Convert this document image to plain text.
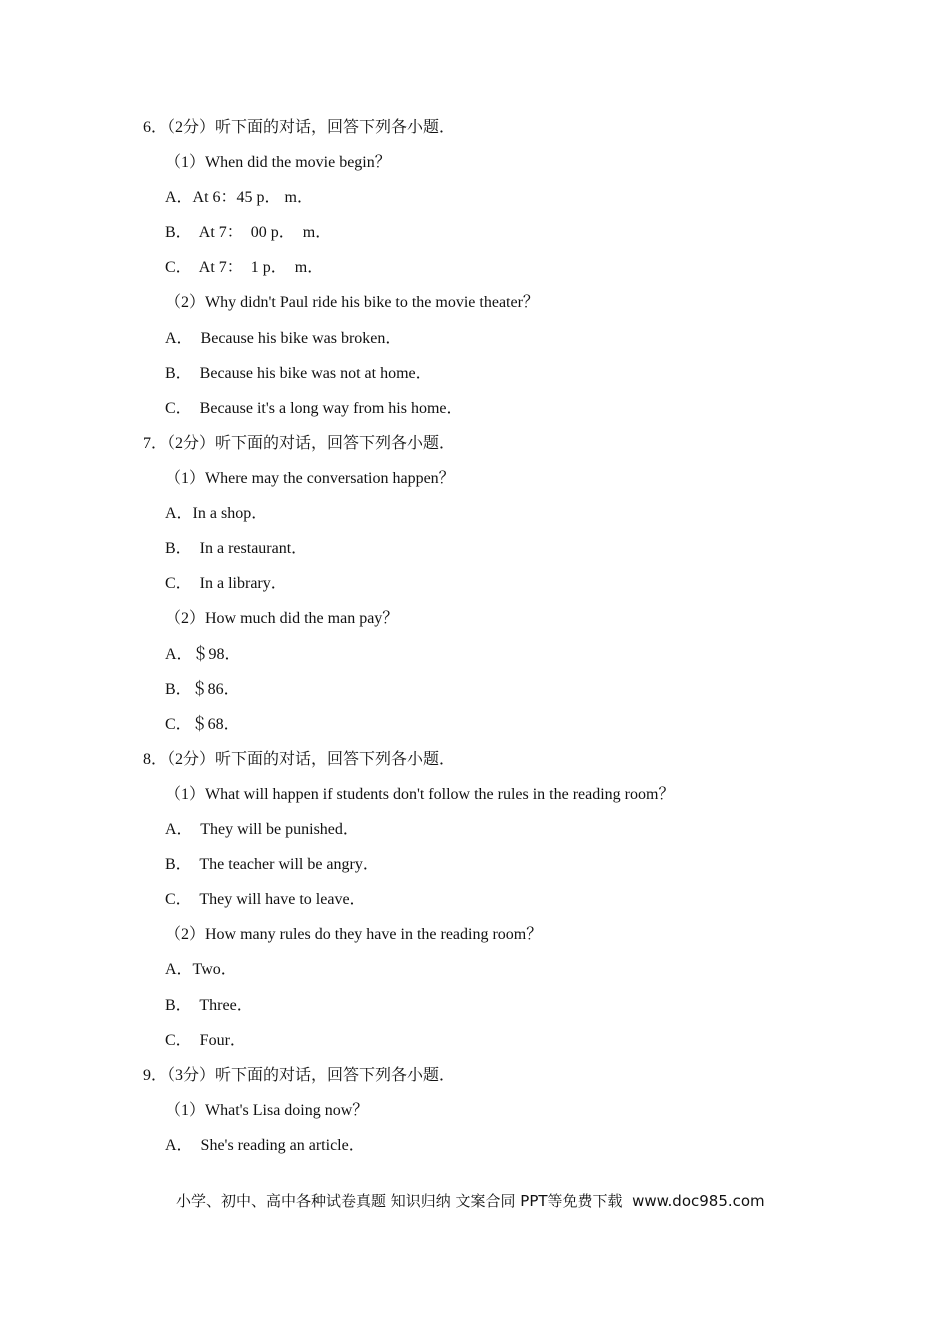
6．（2分）听下面的对话，回答下列各小题．
（1）When did the movie begin？
A．At 6：45 p． m．
B．  At 7：  00 p．  m．
C．  At 7：  1 p．  m．
（2）Why didn't Paul ride his bike to the movie theater？
A．  Because his bike was broken．
B．  Because his bike was not at home．
C．  Because it's a long way from his home．
7．（2分）听下面的对话，回答下列各小题．
（1）Where may the conversation happen？
A．In a shop．
B．  In a restaurant．
C．  In a library．
（2）How much did the man pay？
A．＄98．
B．＄86．
C．＄68．
8．（2分）听下面的对话，回答下列各小题．
（1）What will happen if students don't follow the rules in the reading room？
A．  They will be punished．
B．  The teacher will be angry．
C．  They will have to leave．
（2）How many rules do they have in the reading room？
A．Two．
B．  Three．
C．  Four．
9．（3分）听下面的对话，回答下列各小题．
（1）What's Lisa doing now？
A．  She's reading an article．
小学、初中、高中各种试卷真题 知识归纳 文案合同 PPT等免费下载  www.doc985.com
